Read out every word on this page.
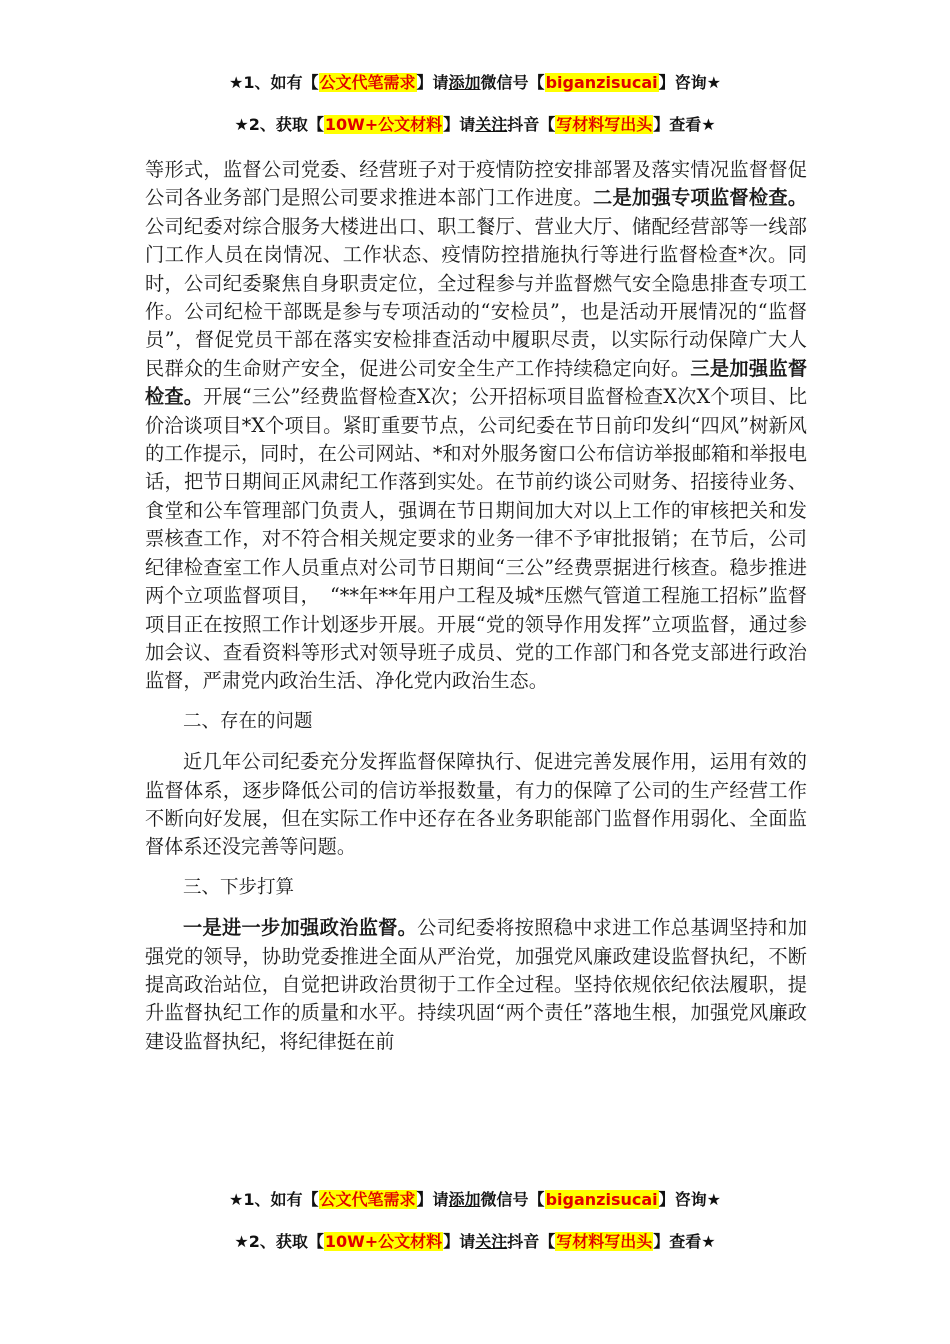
★1、如有【公文代笔需求】请添加微信号【biganzisucai】咨询★
★2、获取【10W+公文材料】请关注抖音【写材料写出头】查看★

等形式，监督公司党委、经营班子对于疫情防控安排部署及落实情况监督督促公司各业务部门是照公司要求推进本部门工作进度。二是加强专项监督检查。公司纪委对综合服务大楼进出口、职工餐厅、营业大厅、储配经营部等一线部门工作人员在岗情况、工作状态、疫情防控措施执行等进行监督检查*次。同时，公司纪委聚焦自身职责定位，全过程参与并监督燃气安全隐患排查专项工作。公司纪检干部既是参与专项活动的“安检员”，也是活动开展情况的“监督员”，督促党员干部在落实安检排查活动中履职尽责，以实际行动保障广大人民群众的生命财产安全，促进公司安全生产工作持续稳定向好。三是加强监督检查。开展“三公”经费监督检查X次；公开招标项目监督检查X次X个项目、比价洽谈项目*X个项目。紧盯重要节点，公司纪委在节日前印发纠“四风”树新风的工作提示，同时，在公司网站、*和对外服务窗口公布信访举报邮箱和举报电话，把节日期间正风肃纪工作落到实处。在节前约谈公司财务、招接待业务、食堂和公车管理部门负责人，强调在节日期间加大对以上工作的审核把关和发票核查工作，对不符合相关规定要求的业务一律不予审批报销；在节后，公司纪律检查室工作人员重点对公司节日期间“三公”经费票据进行核查。稳步推进两个立项监督项目，　“**年**年用户工程及城*压燃气管道工程施工招标”监督项目正在按照工作计划逐步开展。开展“党的领导作用发挥”立项监督，通过参加会议、查看资料等形式对领导班子成员、党的工作部门和各党支部进行政治监督，严肃党内政治生活、净化党内政治生态。

二、存在的问题

近几年公司纪委充分发挥监督保障执行、促进完善发展作用，运用有效的监督体系，逐步降低公司的信访举报数量，有力的保障了公司的生产经营工作不断向好发展，但在实际工作中还存在各业务职能部门监督作用弱化、全面监督体系还没完善等问题。

三、下步打算

一是进一步加强政治监督。公司纪委将按照稳中求进工作总基调坚持和加强党的领导，协助党委推进全面从严治党，加强党风廉政建设监督执纪，不断提高政治站位，自觉把讲政治贯彻于工作全过程。坚持依规依纪依法履职，提升监督执纪工作的质量和水平。持续巩固“两个责任”落地生根，加强党风廉政建设监督执纪，将纪律挺在前

★1、如有【公文代笔需求】请添加微信号【biganzisucai】咨询★
★2、获取【10W+公文材料】请关注抖音【写材料写出头】查看★
